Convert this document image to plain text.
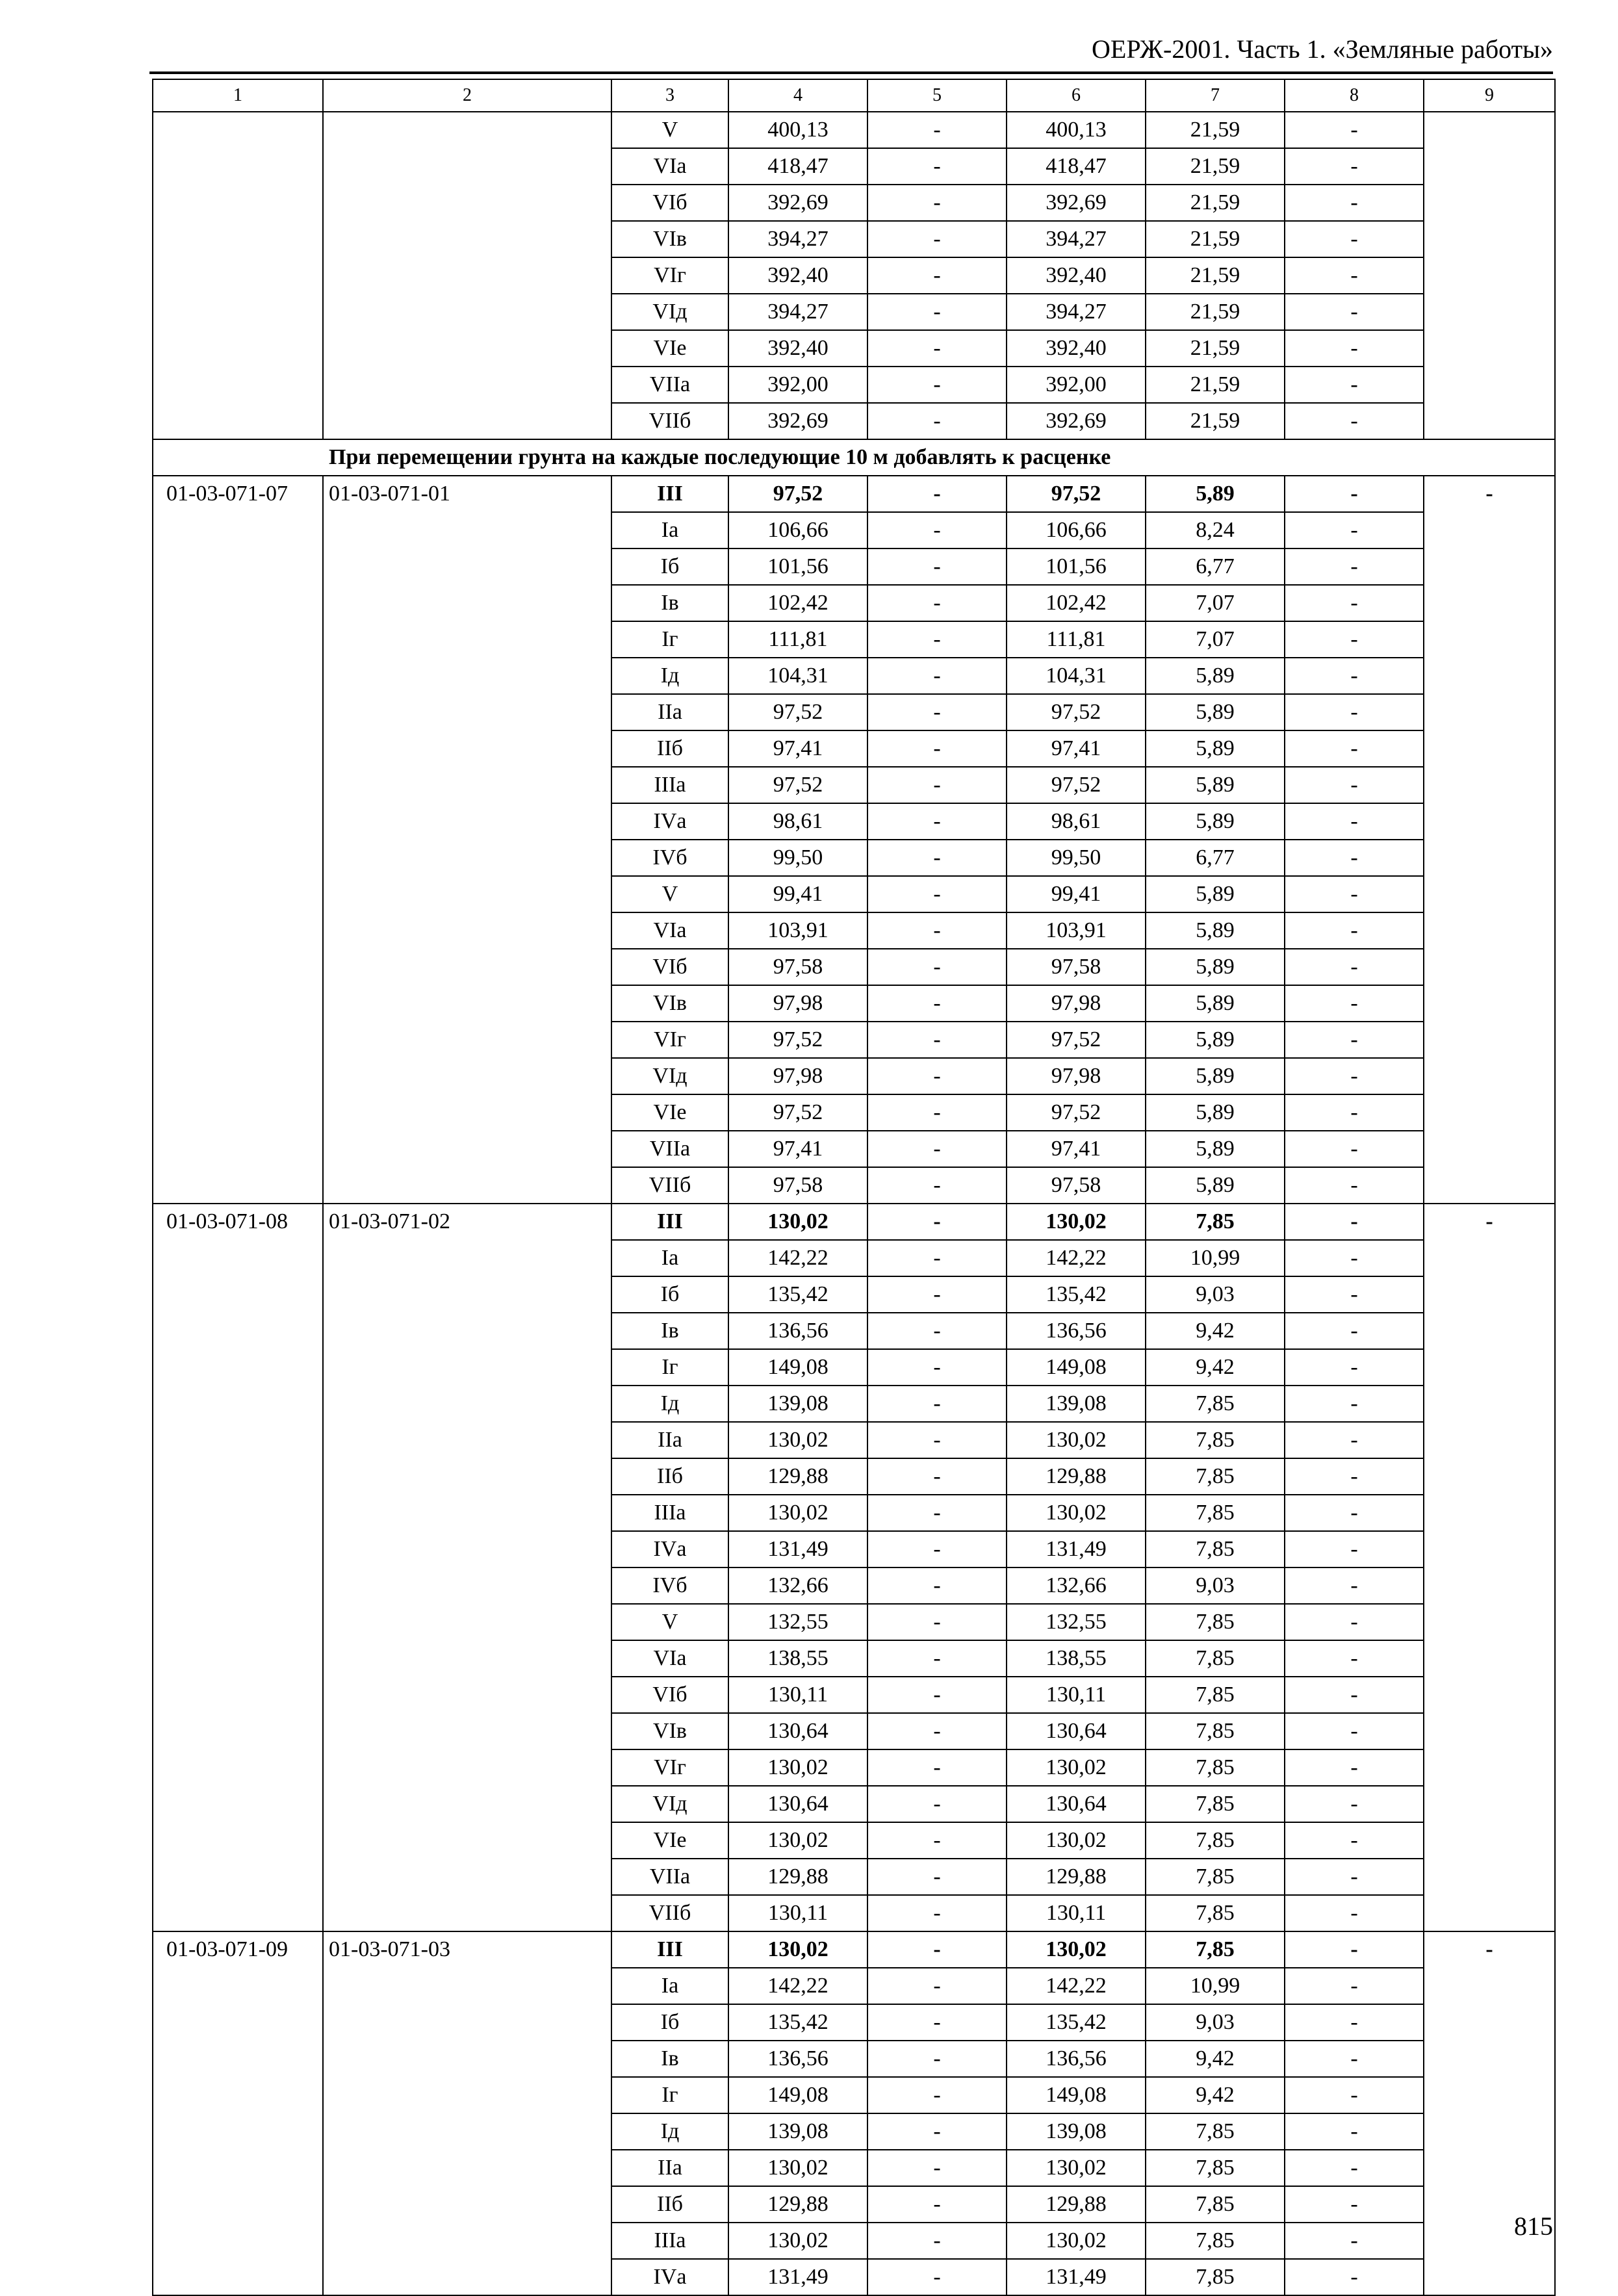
ОЕРЖ-2001. Часть 1. «Земляные работы»
1	2	3	4	5	6	7	8	9
		V	400,13	-	400,13	21,59	-	
		VIа	418,47	-	418,47	21,59	-	
		VIб	392,69	-	392,69	21,59	-	
		VIв	394,27	-	394,27	21,59	-	
		VIг	392,40	-	392,40	21,59	-	
		VIд	394,27	-	394,27	21,59	-	
		VIе	392,40	-	392,40	21,59	-	
		VIIа	392,00	-	392,00	21,59	-	
		VIIб	392,69	-	392,69	21,59	-	
При перемещении грунта на каждые последующие 10 м добавлять к расценке								
01-03-071-07	01-03-071-01	III	97,52	-	97,52	5,89	-	-
		Iа	106,66	-	106,66	8,24	-	
		Iб	101,56	-	101,56	6,77	-	
		Iв	102,42	-	102,42	7,07	-	
		Iг	111,81	-	111,81	7,07	-	
		Iд	104,31	-	104,31	5,89	-	
		IIа	97,52	-	97,52	5,89	-	
		IIб	97,41	-	97,41	5,89	-	
		IIIа	97,52	-	97,52	5,89	-	
		IVа	98,61	-	98,61	5,89	-	
		IVб	99,50	-	99,50	6,77	-	
		V	99,41	-	99,41	5,89	-	
		VIа	103,91	-	103,91	5,89	-	
		VIб	97,58	-	97,58	5,89	-	
		VIв	97,98	-	97,98	5,89	-	
		VIг	97,52	-	97,52	5,89	-	
		VIд	97,98	-	97,98	5,89	-	
		VIе	97,52	-	97,52	5,89	-	
		VIIа	97,41	-	97,41	5,89	-	
		VIIб	97,58	-	97,58	5,89	-	
01-03-071-08	01-03-071-02	III	130,02	-	130,02	7,85	-	-
		Iа	142,22	-	142,22	10,99	-	
		Iб	135,42	-	135,42	9,03	-	
		Iв	136,56	-	136,56	9,42	-	
		Iг	149,08	-	149,08	9,42	-	
		Iд	139,08	-	139,08	7,85	-	
		IIа	130,02	-	130,02	7,85	-	
		IIб	129,88	-	129,88	7,85	-	
		IIIа	130,02	-	130,02	7,85	-	
		IVа	131,49	-	131,49	7,85	-	
		IVб	132,66	-	132,66	9,03	-	
		V	132,55	-	132,55	7,85	-	
		VIа	138,55	-	138,55	7,85	-	
		VIб	130,11	-	130,11	7,85	-	
		VIв	130,64	-	130,64	7,85	-	
		VIг	130,02	-	130,02	7,85	-	
		VIд	130,64	-	130,64	7,85	-	
		VIе	130,02	-	130,02	7,85	-	
		VIIа	129,88	-	129,88	7,85	-	
		VIIб	130,11	-	130,11	7,85	-	
01-03-071-09	01-03-071-03	III	130,02	-	130,02	7,85	-	-
		Iа	142,22	-	142,22	10,99	-	
		Iб	135,42	-	135,42	9,03	-	
		Iв	136,56	-	136,56	9,42	-	
		Iг	149,08	-	149,08	9,42	-	
		Iд	139,08	-	139,08	7,85	-	
		IIа	130,02	-	130,02	7,85	-	
		IIб	129,88	-	129,88	7,85	-	
		IIIа	130,02	-	130,02	7,85	-	
		IVа	131,49	-	131,49	7,85	-	
815
